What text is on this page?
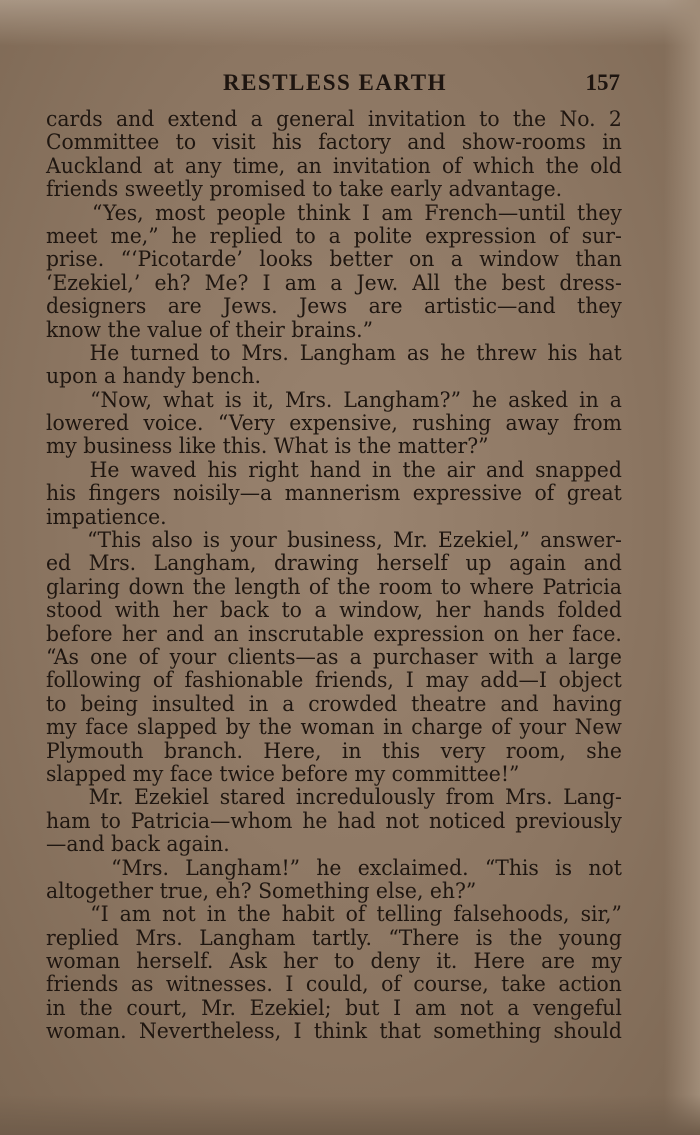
RESTLESS EARTH	157
cards and extend a general invitation to the No. 2
Committee to visit his factory and show-rooms in
Auckland at any time, an invitation of which the old
friends sweetly promised to take early advantage.
“Yes, most people think I am French—until they
meet me,” he replied to a polite expression of sur-
prise. “‘Picotarde’ looks better on a window than
‘Ezekiel,’ eh? Me? I am a Jew. All the best dress-
designers are Jews. Jews are artistic—and they
know the value of their brains.”
He turned to Mrs. Langham as he threw his hat
upon a handy bench.
“Now, what is it, Mrs. Langham?” he asked in a
lowered voice. “Very expensive, rushing away from
my business like this. What is the matter?”
He waved his right hand in the air and snapped
his fingers noisily—a mannerism expressive of great
impatience.
“This also is your business, Mr. Ezekiel,” answer-
ed Mrs. Langham, drawing herself up again and
glaring down the length of the room to where Patricia
stood with her back to a window, her hands folded
before her and an inscrutable expression on her face.
“As one of your clients—as a purchaser with a large
following of fashionable friends, I may add—I object
to being insulted in a crowded theatre and having
my face slapped by the woman in charge of your New
Plymouth branch. Here, in this very room, she
slapped my face twice before my committee!”
Mr. Ezekiel stared incredulously from Mrs. Lang-
ham to Patricia—whom he had not noticed previously
—and back again.
“Mrs. Langham!” he exclaimed. “This is not
altogether true, eh? Something else, eh?”
“I am not in the habit of telling falsehoods, sir,”
replied Mrs. Langham tartly. “There is the young
woman herself. Ask her to deny it. Here are my
friends as witnesses. I could, of course, take action
in the court, Mr. Ezekiel; but I am not a vengeful
woman. Nevertheless, I think that something should
